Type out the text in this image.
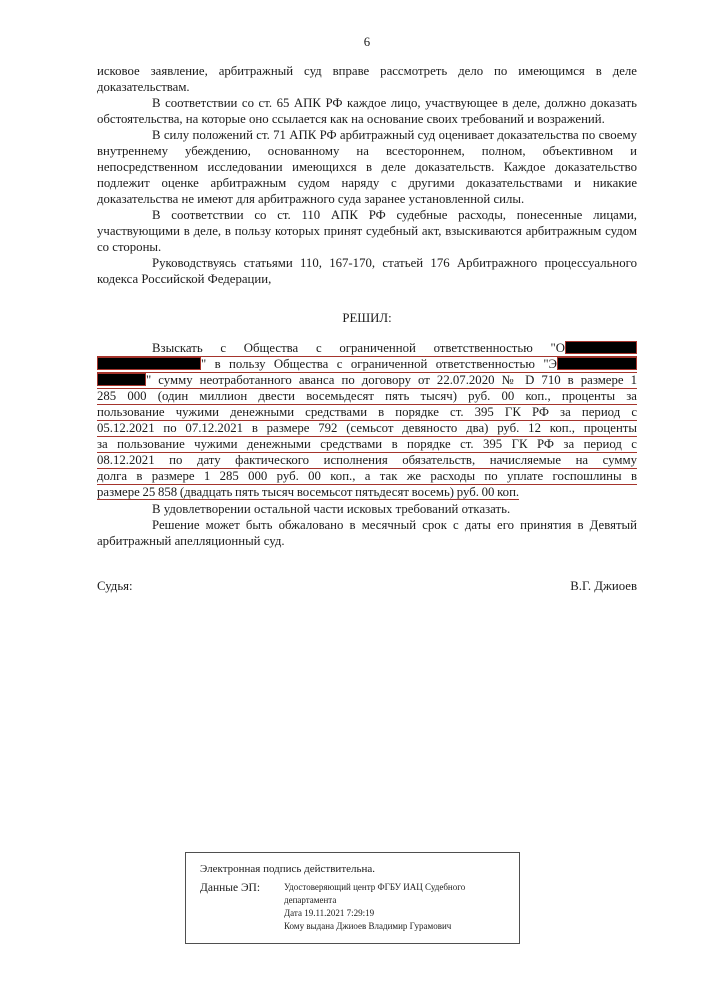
6

исковое заявление, арбитражный суд вправе рассмотреть дело по имеющимся в деле доказательствам.

В соответствии со ст. 65 АПК РФ каждое лицо, участвующее в деле, должно доказать обстоятельства, на которые оно ссылается как на основание своих требований и возражений.

В силу положений ст. 71 АПК РФ арбитражный суд оценивает доказательства по своему внутреннему убеждению, основанному на всестороннем, полном, объективном и непосредственном исследовании имеющихся в деле доказательств. Каждое доказательство подлежит оценке арбитражным судом наряду с другими доказательствами и никакие доказательства не имеют для арбитражного суда заранее установленной силы.

В соответствии со ст. 110 АПК РФ судебные расходы, понесенные лицами, участвующими в деле, в пользу которых принят судебный акт, взыскиваются арбитражным судом со стороны.

Руководствуясь статьями 110, 167-170, статьей 176 Арбитражного процессуального кодекса Российской Федерации,

РЕШИЛ:
Взыскать с Общества с ограниченной ответственностью "О
" в пользу Общества с ограниченной ответственностью "Э
" сумму неотработанного аванса по договору от 22.07.2020 № D 710 в размере 1
285 000 (один миллион двести восемьдесят пять тысяч) руб. 00 коп., проценты за
пользование чужими денежными средствами в порядке ст. 395 ГК РФ за период с
05.12.2021 по 07.12.2021 в размере 792 (семьсот девяносто два) руб. 12 коп., проценты
за пользование чужими денежными средствами в порядке ст. 395 ГК РФ за период с
08.12.2021 по дату фактического исполнения обязательств, начисляемые на сумму
долга в размере 1 285 000 руб. 00 коп., а так же расходы по уплате госпошлины в
размере 25 858 (двадцать пять тысяч восемьсот пятьдесят восемь) руб. 00 коп.

В удовлетворении остальной части исковых требований отказать.

Решение может быть обжаловано в месячный срок с даты его принятия в Девятый арбитражный апелляционный суд.

Судья:	В.Г. Джиоев
Электронная подпись действительна.
Данные ЭП:	Удостоверяющий центр ФГБУ ИАЦ Судебного департамента
Дата 19.11.2021 7:29:19
Кому выдана Джиоев Владимир Гурамович
